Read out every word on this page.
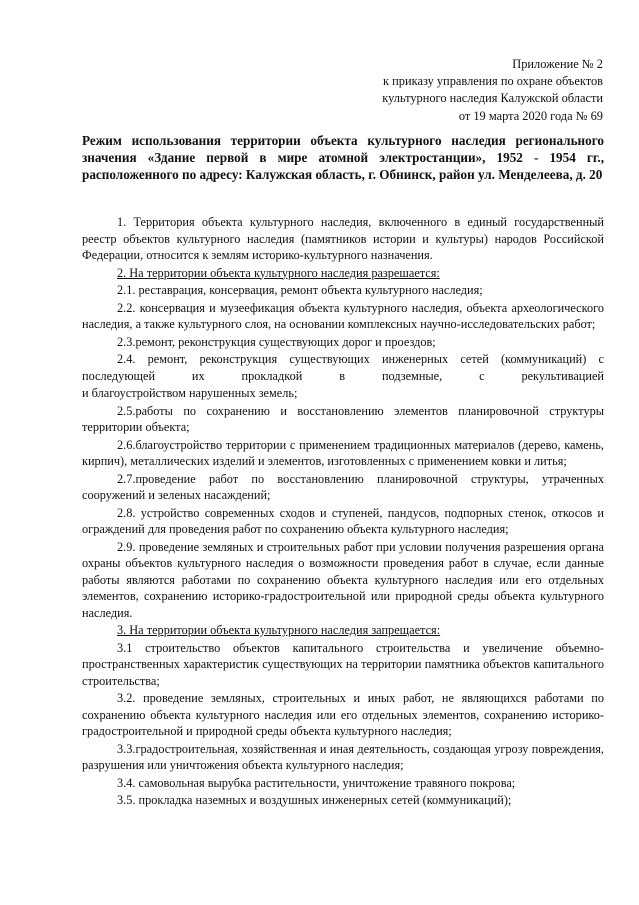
Приложение № 2
к приказу управления по охране объектов
культурного наследия Калужской области
от 19 марта 2020 года № 69
Режим использования территории объекта культурного наследия регионального значения «Здание первой в мире атомной электростанции», 1952 - 1954 гг., расположенного по адресу: Калужская область, г. Обнинск, район ул. Менделеева, д. 20

1. Территория объекта культурного наследия, включенного в единый государственный реестр объектов культурного наследия (памятников истории и культуры) народов Российской Федерации, относится к землям историко-культурного назначения.

2. На территории объекта культурного наследия разрешается:

2.1. реставрация, консервация, ремонт объекта культурного наследия;

2.2. консервация и музеефикация объекта культурного наследия, объекта археологического наследия, а также культурного слоя, на основании комплексных научно-исследовательских работ;

2.3.ремонт, реконструкция существующих дорог и проездов;

2.4. ремонт, реконструкция существующих инженерных сетей (коммуникаций) с последующей их прокладкой в подземные, с рекультивацией

и благоустройством нарушенных земель;

2.5.работы по сохранению и восстановлению элементов планировочной структуры территории объекта;

2.6.благоустройство территории с применением традиционных материалов (дерево, камень, кирпич), металлических изделий и элементов, изготовленных с применением ковки и литья;

2.7.проведение работ по восстановлению планировочной структуры, утраченных сооружений и зеленых насаждений;

2.8. устройство современных сходов и ступеней, пандусов, подпорных стенок, откосов и ограждений для проведения работ по сохранению объекта культурного наследия;

2.9. проведение земляных и строительных работ при условии получения разрешения органа охраны объектов культурного наследия о возможности проведения работ в случае, если данные работы являются работами по сохранению объекта культурного наследия или его отдельных элементов, сохранению историко-градостроительной или природной среды объекта культурного наследия.

3. На территории объекта культурного наследия запрещается:

3.1 строительство объектов капитального строительства и увеличение объемно-пространственных характеристик существующих на территории памятника объектов капитального строительства;

3.2. проведение земляных, строительных и иных работ, не являющихся работами по сохранению объекта культурного наследия или его отдельных элементов, сохранению историко-градостроительной и природной среды объекта культурного наследия;

3.3.градостроительная, хозяйственная и иная деятельность, создающая угрозу повреждения, разрушения или уничтожения объекта культурного наследия;

3.4. самовольная вырубка растительности, уничтожение травяного покрова;

3.5. прокладка наземных и воздушных инженерных сетей (коммуникаций);
